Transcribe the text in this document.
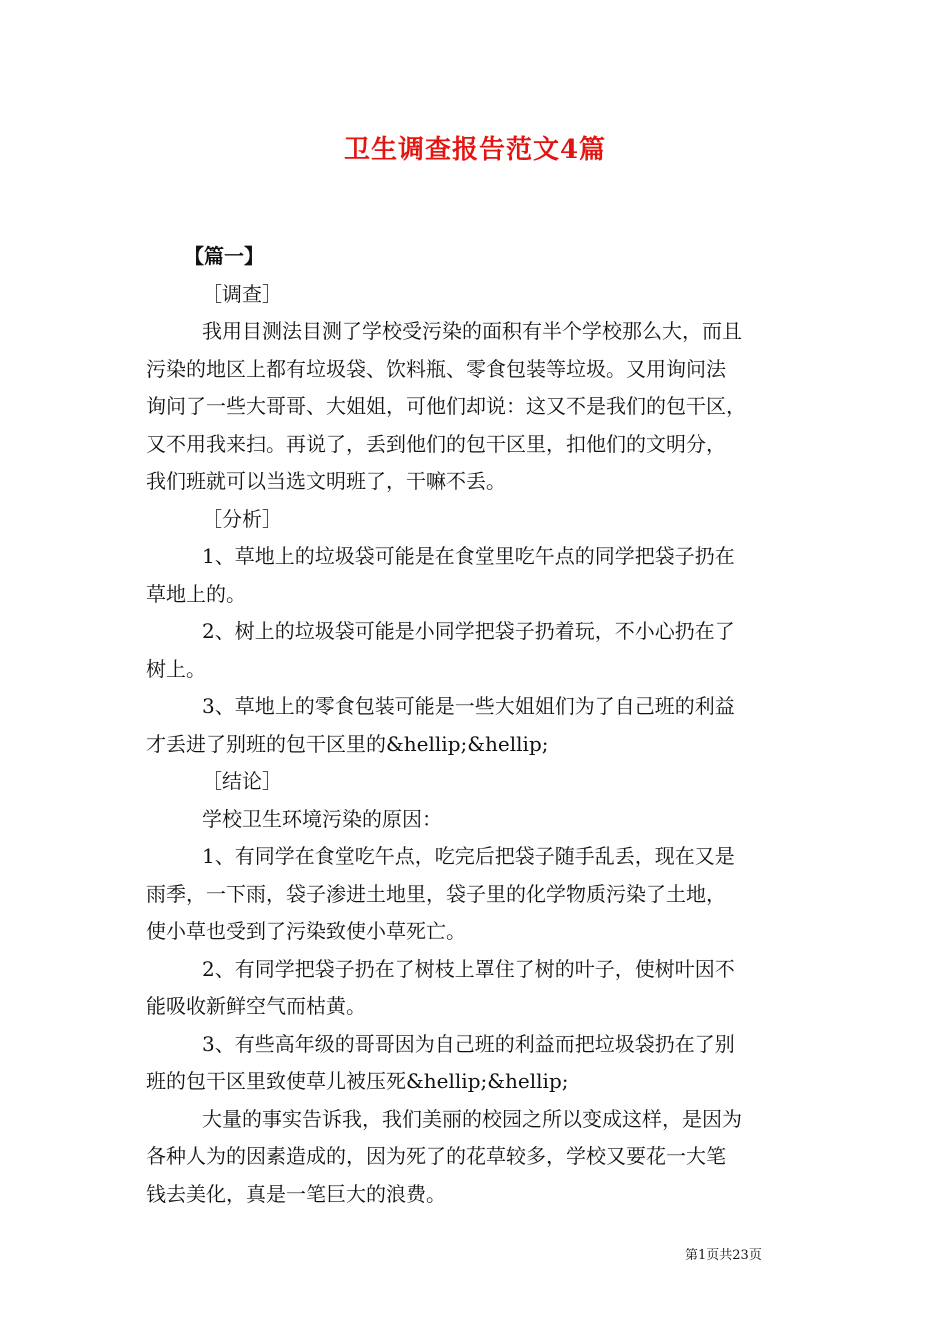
卫生调查报告范文4篇
【篇一】
［调查］
我用目测法目测了学校受污染的面积有半个学校那么大，而且
污染的地区上都有垃圾袋、饮料瓶、零食包装等垃圾。又用询问法
询问了一些大哥哥、大姐姐，可他们却说：这又不是我们的包干区，
又不用我来扫。再说了，丢到他们的包干区里，扣他们的文明分，
我们班就可以当选文明班了，干嘛不丢。
［分析］
1、草地上的垃圾袋可能是在食堂里吃午点的同学把袋子扔在
草地上的。
2、树上的垃圾袋可能是小同学把袋子扔着玩，不小心扔在了
树上。
3、草地上的零食包装可能是一些大姐姐们为了自己班的利益
才丢进了别班的包干区里的&hellip;&hellip;
［结论］
学校卫生环境污染的原因：
1、有同学在食堂吃午点，吃完后把袋子随手乱丢，现在又是
雨季，一下雨，袋子渗进土地里，袋子里的化学物质污染了土地，
使小草也受到了污染致使小草死亡。
2、有同学把袋子扔在了树枝上罩住了树的叶子，使树叶因不
能吸收新鲜空气而枯黄。
3、有些高年级的哥哥因为自己班的利益而把垃圾袋扔在了别
班的包干区里致使草儿被压死&hellip;&hellip;
大量的事实告诉我，我们美丽的校园之所以变成这样，是因为
各种人为的因素造成的，因为死了的花草较多，学校又要花一大笔
钱去美化，真是一笔巨大的浪费。
第1页共23页
